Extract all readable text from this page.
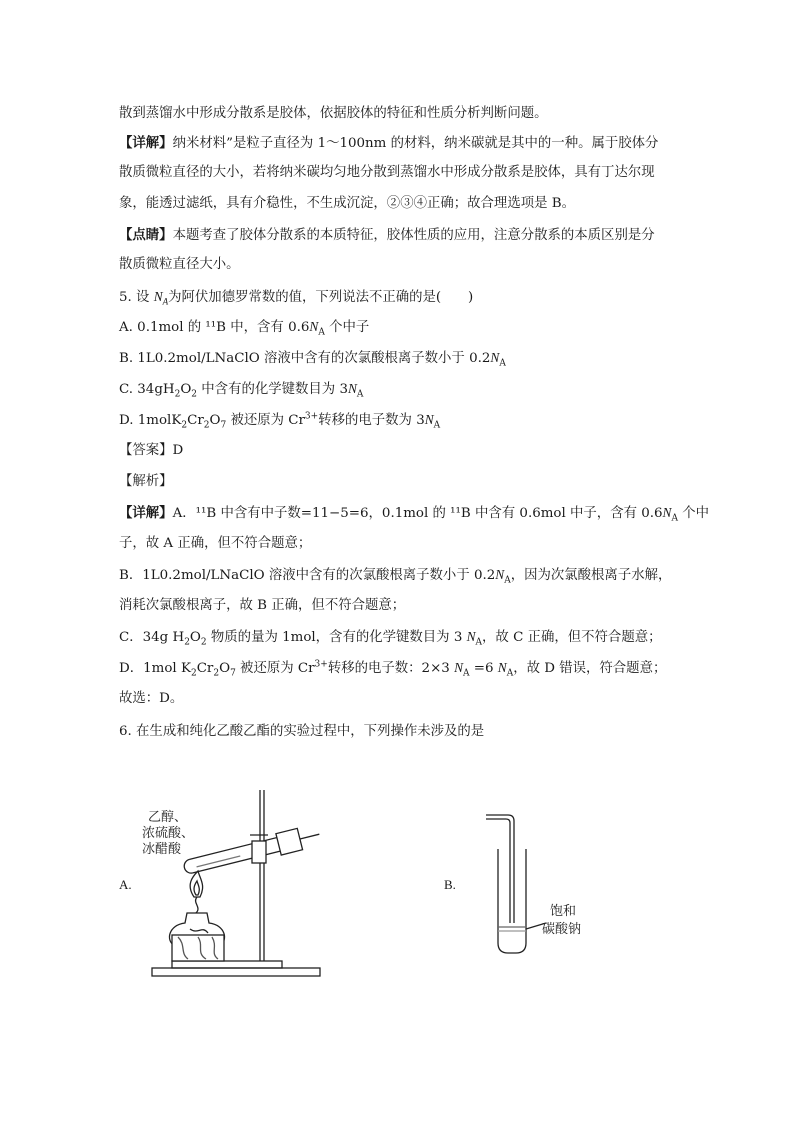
散到蒸馏水中形成分散系是胶体，依据胶体的特征和性质分析判断问题。
【详解】纳米材料”是粒子直径为 1～100nm 的材料，纳米碳就是其中的一种。属于胶体分
散质微粒直径的大小，若将纳米碳均匀地分散到蒸馏水中形成分散系是胶体，具有丁达尔现
象，能透过滤纸，具有介稳性，不生成沉淀，②③④正确；故合理选项是 B。
【点睛】本题考查了胶体分散系的本质特征，胶体性质的应用，注意分散系的本质区别是分
散质微粒直径大小。
5. 设 $N_A$为阿伏加德罗常数的值，下列说法不正确的是(　　)
A. 0.1mol 的 ¹¹B 中，含有 $0.6N_A$ 个中子
B. 1L0.2mol/LNaClO 溶液中含有的次氯酸根离子数小于 $0.2N_A$
C. $34gH_2O_2$ 中含有的化学键数目为 $3N_A$
D. $1molK_2Cr_2O_7$ 被还原为 $Cr^{3+}$转移的电子数为 $3N_A$
【答案】D
【解析】
【详解】A．¹¹B 中含有中子数=11−5=6，0.1mol 的 ¹¹B 中含有 0.6mol 中子，含有 $0.6N_A$ 个中
子，故 A 正确，但不符合题意；
B．1L0.2mol/LNaClO 溶液中含有的次氯酸根离子数小于 $0.2N_A$，因为次氯酸根离子水解，
消耗次氯酸根离子，故 B 正确，但不符合题意；
C．34g $H_2O_2$ 物质的量为 1mol，含有的化学键数目为 3 $N_A$，故 C 正确，但不符合题意；
D．1mol $K_2Cr_2O_7$ 被还原为 $Cr^{3+}$转移的电子数：2×3 $N_A =6$ $N_A$，故 D 错误，符合题意；
故选：D。
6. 在生成和纯化乙酸乙酯的实验过程中，下列操作未涉及的是
A.	B.
乙醇、
浓硫酸、
冰醋酸
饱和
碳酸钠
